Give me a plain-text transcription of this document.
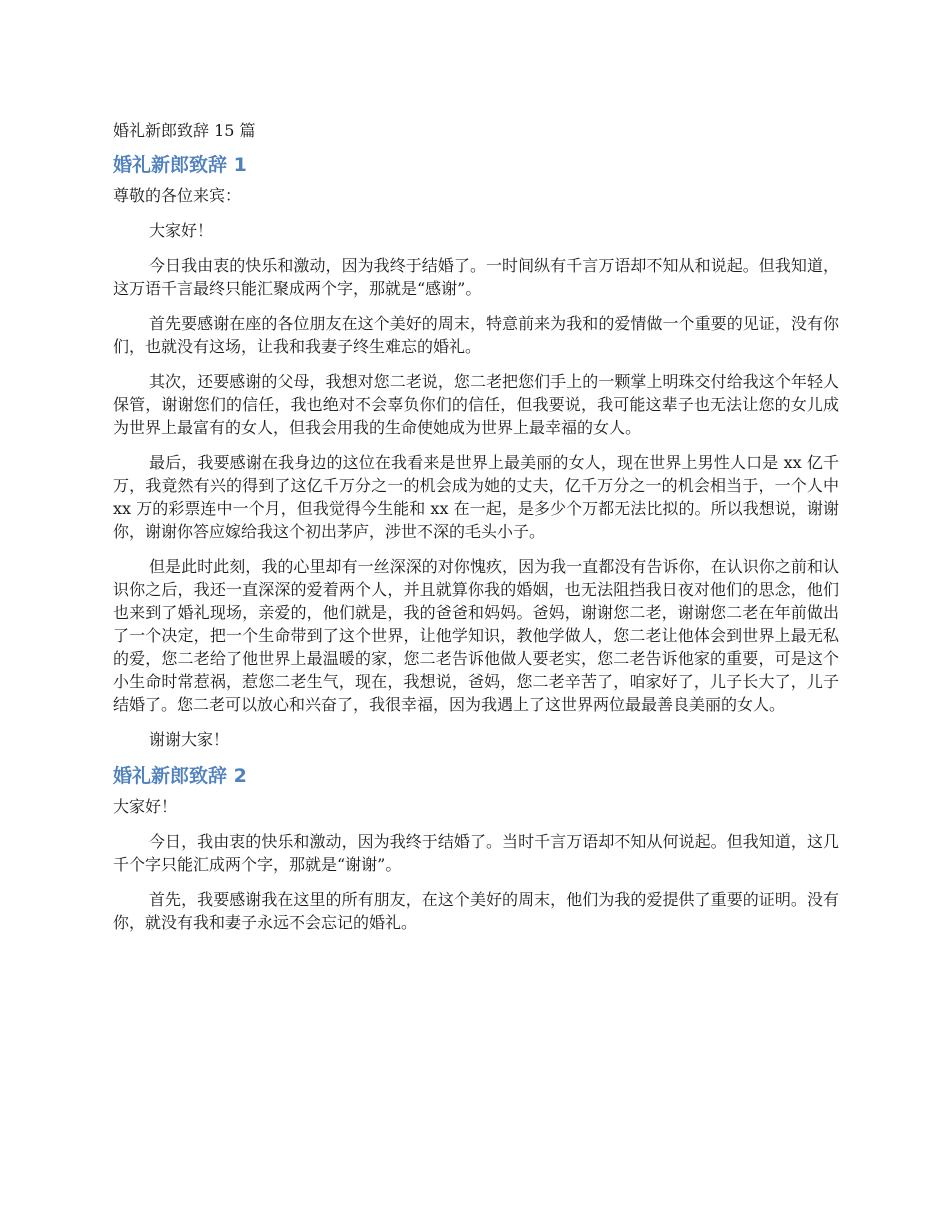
婚礼新郎致辞 15 篇
婚礼新郎致辞 1

尊敬的各位来宾：

大家好！

今日我由衷的快乐和激动，因为我终于结婚了。一时间纵有千言万语却不知从和说起。但我知道，这万语千言最终只能汇聚成两个字，那就是“感谢”。

首先要感谢在座的各位朋友在这个美好的周末，特意前来为我和的爱情做一个重要的见证，没有你们，也就没有这场，让我和我妻子终生难忘的婚礼。

其次，还要感谢的父母，我想对您二老说，您二老把您们手上的一颗掌上明珠交付给我这个年轻人保管，谢谢您们的信任，我也绝对不会辜负你们的信任，但我要说，我可能这辈子也无法让您的女儿成为世界上最富有的女人，但我会用我的生命使她成为世界上最幸福的女人。

最后，我要感谢在我身边的这位在我看来是世界上最美丽的女人，现在世界上男性人口是 xx 亿千万，我竟然有兴的得到了这亿千万分之一的机会成为她的丈夫，亿千万分之一的机会相当于，一个人中 xx 万的彩票连中一个月，但我觉得今生能和 xx 在一起，是多少个万都无法比拟的。所以我想说，谢谢你，谢谢你答应嫁给我这个初出茅庐，涉世不深的毛头小子。

但是此时此刻，我的心里却有一丝深深的对你愧疚，因为我一直都没有告诉你，在认识你之前和认识你之后，我还一直深深的爱着两个人，并且就算你我的婚姻，也无法阻挡我日夜对他们的思念，他们也来到了婚礼现场，亲爱的，他们就是，我的爸爸和妈妈。爸妈，谢谢您二老，谢谢您二老在年前做出了一个决定，把一个生命带到了这个世界，让他学知识，教他学做人，您二老让他体会到世界上最无私的爱，您二老给了他世界上最温暖的家，您二老告诉他做人要老实，您二老告诉他家的重要，可是这个小生命时常惹祸，惹您二老生气，现在，我想说，爸妈，您二老辛苦了，咱家好了，儿子长大了，儿子结婚了。您二老可以放心和兴奋了，我很幸福，因为我遇上了这世界两位最最善良美丽的女人。

谢谢大家！

婚礼新郎致辞 2

大家好！

今日，我由衷的快乐和激动，因为我终于结婚了。当时千言万语却不知从何说起。但我知道，这几千个字只能汇成两个字，那就是“谢谢”。

首先，我要感谢我在这里的所有朋友，在这个美好的周末，他们为我的爱提供了重要的证明。没有你，就没有我和妻子永远不会忘记的婚礼。
